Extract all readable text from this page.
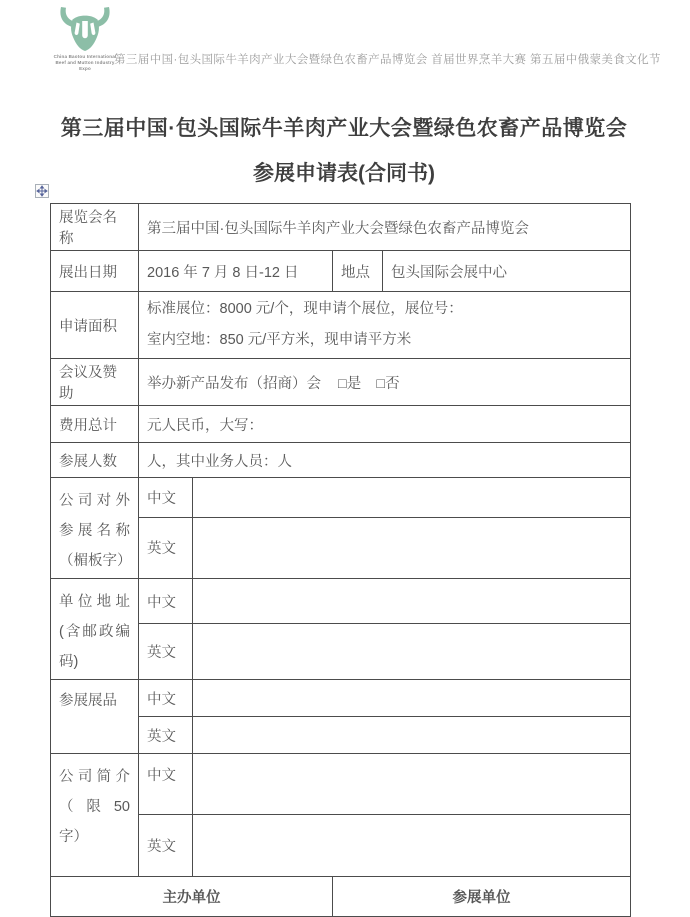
China Baotou International
Beef and Mutton Industry
Expo
第三届中国·包头国际牛羊肉产业大会暨绿色农畜产品博览会 首届世界烹羊大赛 第五届中俄蒙美食文化节
第三届中国·包头国际牛羊肉产业大会暨绿色农畜产品博览会
参展申请表(合同书)
展览会名称	第三届中国·包头国际牛羊肉产业大会暨绿色农畜产品博览会			
展出日期	2016 年 7 月 8 日-12 日		地点	包头国际会展中心
申请面积	标准展位：8000 元/个，现申请个展位，展位号：
室内空地：850 元/平方米，现申请平方米			

会议及赞助	举办新产品发布（招商）会 □是 □否			
费用总计	元人民币，大写：			
参展人数	人，其中业务人员：人			
公司对外参展名称（楣板字）	中文			
	英文			
单位地址 (含邮政编码)	中文			
	英文			
参展展品	中文			
	英文			
公司简介 （ 限 50 字）	中文			
	英文			
主办单位			参展单位	
